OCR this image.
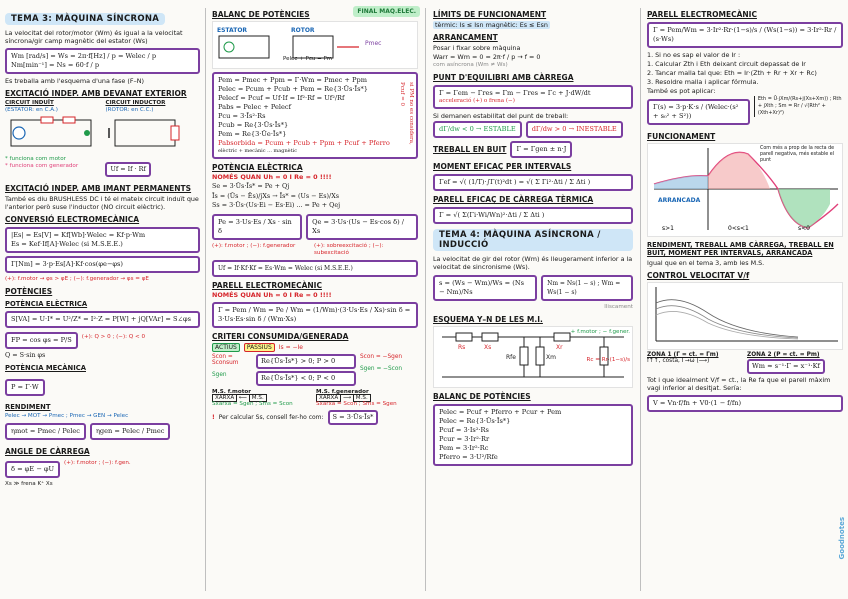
TEMA 3: MÀQUINA SÍNCRONA
La velocitat del rotor/motor (Wm) és igual a la velocitat síncrona/gir camp magnètic del estator (Ws)
Wm [rad/s] = Ws = 2π·f[Hz] / p = Welec / p
Nm[min⁻¹] = Ns = 60·f / p
Es treballa amb l'esquema d'una fase (F–N)
EXCITACIÓ INDEP. AMB DEVANAT EXTERIOR
CIRCUIT INDUÏT
(ESTATOR: en C.A.)
* funciona com motor
* funciona com generador
CIRCUIT INDUCTOR
(ROTOR: en C.C.)
Uf = If · Rf
EXCITACIÓ INDEP. AMB IMANT PERMANENTS
També es diu BRUSHLESS DC i té el mateix circuit induït que l'anterior però suse l'inductor (NO circuit elèctric).
CONVERSIÓ ELECTROMECÀNICA
|Es| = Es[V] = Kf[Wb]·Welec = Kf·p·Wm
Es = Kef·If[A]·Welec (si M.S.E.E.)
Γ[Nm] = 3·p·Es[A]·Kf·cos(φe−φs)
(+): f.motor → φs > φE ; (−): f.generador → φs = φE
POTÈNCIES
POTÈNCIA ELÈCTRICA
S[VA] = U·I* = U²/Z* = I²·Z = P[W] + jQ[VAr] = S∠φs
FP = cos φs = P/S	(+): Q > 0 ; (−): Q < 0
Q = S·sin φs
POTÈNCIA MECÀNICA
P = Γ·W
RENDIMENT
Pelec → MOT → Pmec ; Pmec → GEN → Pelec
ηmot = Pmec / Pelec	ηgen = Pelec / Pmec
ANGLE DE CÀRREGA
δ = φE − φU
(+): f.motor ; (−): f.gen.
Xs ≫ frena K⁺ Xs
BALANÇ DE POTÈNCIES	FINAL MAQ.ELEC.
ESTATOR	ROTOR
Pmec
Pelec + Pcu = Pm
Pem = Pmec + Ppm = Γ·Wm = Pmec + Ppm
Pelec = Pcum + Pcub + Pem = Re{3·Ūs·Īs*}
Pelecf = Pcuf = Uf·If = If²·Rf = Uf²/Rf
Pabs = Pelec + Pelecf
Pcu = 3·Īs²·Rs
Pcub = Re{3·Ūs·Īs*}
Pem = Re{3·Ūe·Īs*}
Pabsorbida = Pcum + Pcub + Ppm + Pcuf + Pferro
elèctric + mecànic ... magnètic
si PM no es considera, Pcuf = 0
POTÈNCIA ELÈCTRICA
NOMÉS QUAN Uh = 0 I Re = 0 !!!!
Se = 3·Ūs·Īs* = Pe + Qj
Īs = (Ūs − Ēs)/jXs → Īs* = (Us − Es)/Xs
Ss = 3·Ūs·(Us·Ei − Es·Ei) ... = Pe + Qej
Pe = 3·Us·Es / Xs · sin δ
Qe = 3·Us·(Us − Es·cos δ) / Xs
(+): f.motor ; (−): f.generador	(+): sobreexcitació ; (−): subexcitació
Uf = If·Kf·Kf = Es·Wm = Welec (si M.S.E.E.)
PARELL ELECTROMECÀNIC
NOMÉS QUAN Uh = 0 I Re = 0 !!!!
Γ = Pem / Wm = Pe / Wm = (1/Wm)·(3·Us·Es / Xs)·sin δ = 3·Us·Es·sin δ / (Wm·Xs)
CRITERI CONSUMIDA/GENERADA
ACTIUS	PASSIUS	Is = −Ie
Scon = Sconsum
Sgen
Re{Ūs·Īs*} > 0; P > 0
Re{Ūs·Īs*} < 0; P < 0
Scon = −Sgen
Sgen = −Scon
M.S. f.motor
XARXA ⟵ M.S.
Sxarxa = Sgen ; Sms = Scon
M.S. f.generador
XARXA ⟶ M.S.
Sxarxa = Scon ; Sms = Sgen
! Per calcular Ss, consell fer-ho com:	S = 3·Ūs·Īs*
LÍMITS DE FUNCIONAMENT
tèrmic: Is ≤ Isn magnètic: Es ≤ Esn
ARRANCAMENT
Posar i fixar sobre màquina
Warr = Wm = 0 = 2π·f / p → f = 0
com asíncrona (Wm ≠ Ws)
PUNT D'EQUILIBRI AMB CÀRREGA
Γ = Γem − Γres = Γm − Γres = Γc + J·dW/dt
acceleració (+) o frena (−)
Si demanen estabilitat del punt de treball:
dΓ/dw < 0 → ESTABLE	dΓ/dw > 0 → INESTABLE
TREBALL EN BUIT	Γ = Γgen ± n·J
MOMENT EFICAÇ PER INTERVALS
Γef = √( (1/T)·∫Γ(t)²dt ) = √( Σ Γi²·Δti / Σ Δti )
PARELL EFICAÇ DE CÀRREGA TÈRMICA
Γ = √( Σ(Γi·Wi/Wn)²·Δti / Σ Δti )
TEMA 4: MÀQUINA ASÍNCRONA / INDUCCIÓ
La velocitat de gir del rotor (Wm) és lleugerament inferior a la velocitat de sincronisme (Ws).
s = (Ws − Wm)/Ws = (Ns − Nm)/Ns
Nm = Ns(1 − s) ; Wm = Ws(1 − s)
lliscament
ESQUEMA Y–N DE LES M.I.
Rs	Xs	Xr
Rfe	Xm	Rc = Rr·(1−s)/s
+ f.motor ; − f.gener.
BALANÇ DE POTÈNCIES
Pelec = Pcuf + Pferro + Pcur + Pem
Pelec = Re{3·Ūs·Īs*}
Pcuf = 3·Is²·Rs
Pcur = 3·Ir²·Rr
Pem = 3·Ir²·Rc
Pferro = 3·U²/Rfe
PARELL ELECTROMECÀNIC
Γ = Pem/Wm = 3·Ir²·Rr·(1−s)/s / (Ws(1−s)) = 3·Ir²·Rr / (s·Ws)
1. Si no es sap el valor de Ir :
1. Calcular Zth i Eth deixant circuit depassat de Ir
2. Tancar malla tal que: Eth = Ir·(Zth + Rr + Xr + Rc)
3. Resoldre malla i aplicar fórmula.
També es pot aplicar:
Γ(s) = 3·p·K·s / (Welec·(s² + s₀² + S²))
Eth = Ū·jXm/(Rs+j(Xs+Xm)) ; Rth + jXth ; Sm = Rr / √(Rth² + (Xth+Xr)²)
FUNCIONAMENT
ARRANCADA
s>1	0<s<1	s<0
Com més a prop de la recta de parell negativa, més estable el punt
RENDIMENT, TREBALL AMB CÀRREGA, TREBALL EN BUIT, MOMENT PER INTERVALS, ARRANCADA
Igual que en el tema 3, amb les M.S.
CONTROL VELOCITAT V/f
ZONA 1 (Γ = ct. = Γm)
f↑↑, costa, Γ→ω (⟶)
ZONA 2 (P = ct. = Pm)
Wm ≈ s⁻¹·Γ = x⁻¹·Kf
Tot i que idealment V/f = ct., la Re fa que el parell màxim vagi inferior al desitjat. Sería:
V = Vn·f/fn + V0·(1 − f/fn)
Goodnotes
